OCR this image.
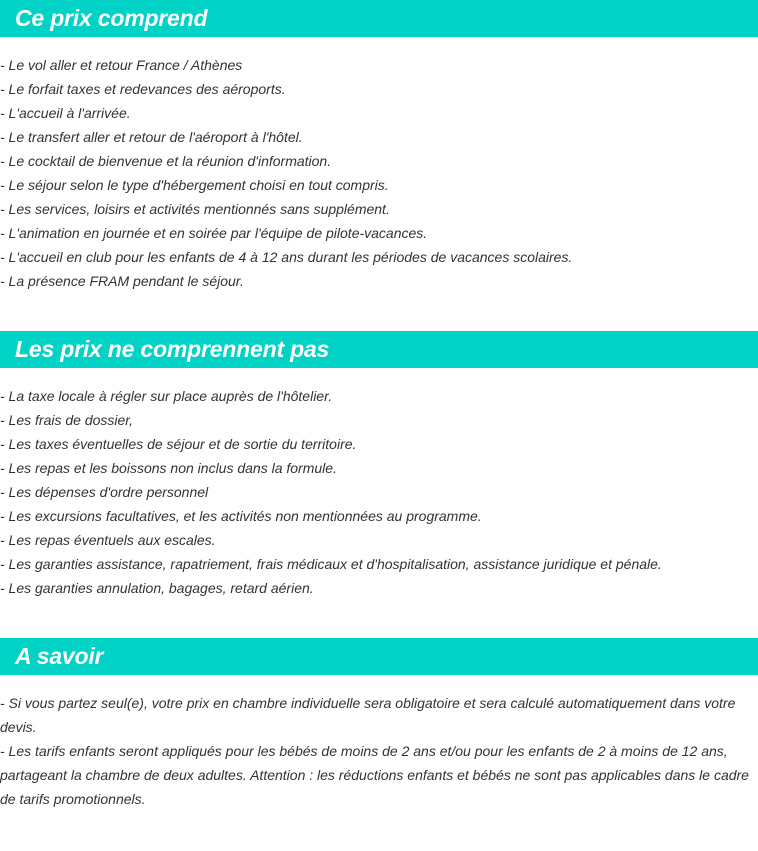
Ce prix comprend
- Le vol aller et retour France / Athènes
- Le forfait taxes et redevances des aéroports.
- L'accueil à l'arrivée.
- Le transfert aller et retour de l'aéroport à l'hôtel.
- Le cocktail de bienvenue et la réunion d'information.
- Le séjour selon le type d'hébergement choisi en tout compris.
- Les services, loisirs et activités mentionnés sans supplément.
- L'animation en journée et en soirée par l'équipe de pilote-vacances.
- L'accueil en club pour les enfants de 4 à 12 ans durant les périodes de vacances scolaires.
- La présence FRAM pendant le séjour.
Les prix ne comprennent pas
- La taxe locale à régler sur place auprès de l'hôtelier.
- Les frais de dossier,
- Les taxes éventuelles de séjour et de sortie du territoire.
- Les repas et les boissons non inclus dans la formule.
- Les dépenses d'ordre personnel
- Les excursions facultatives, et les activités non mentionnées au programme.
- Les repas éventuels aux escales.
- Les garanties assistance, rapatriement, frais médicaux et d'hospitalisation, assistance juridique et pénale.
- Les garanties annulation, bagages, retard aérien.
A savoir
- Si vous partez seul(e), votre prix en chambre individuelle sera obligatoire et sera calculé automatiquement dans votre devis.
- Les tarifs enfants seront appliqués pour les bébés de moins de 2 ans et/ou pour les enfants de 2 à moins de 12 ans, partageant la chambre de deux adultes. Attention : les réductions enfants et bébés ne sont pas applicables dans le cadre de tarifs promotionnels.
